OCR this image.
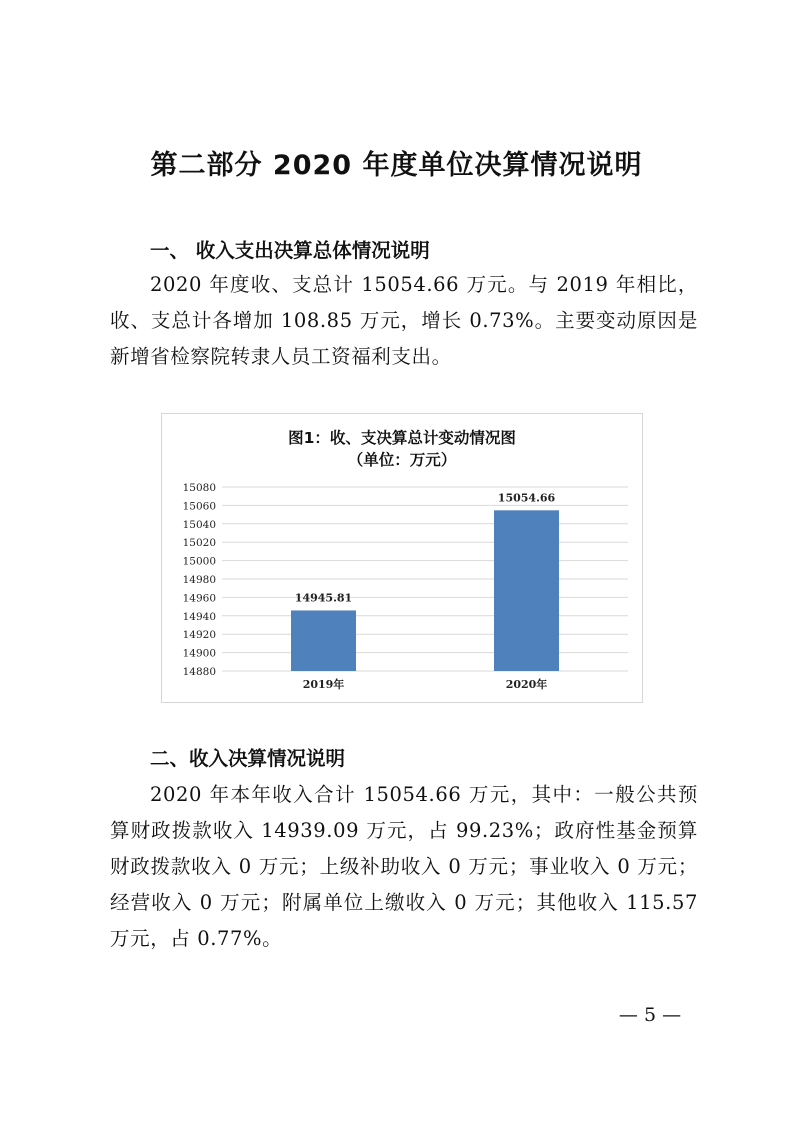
第二部分 2020 年度单位决算情况说明
一、 收入支出决算总体情况说明

2020 年度收、支总计 15054.66 万元。与 2019 年相比，收、支总计各增加 108.85 万元，增长 0.73%。主要变动原因是新增省检察院转隶人员工资福利支出。

图1：收、支决算总计变动情况图
（单位：万元）
14880
14900
14920
14940
14960
14980
15000
15020
15040
15060
15080
14945.81
15054.66
2019年	2020年
二、收入决算情况说明

2020 年本年收入合计 15054.66 万元，其中：一般公共预算财政拨款收入 14939.09 万元，占 99.23%；政府性基金预算财政拨款收入 0 万元；上级补助收入 0 万元；事业收入 0 万元；经营收入 0 万元；附属单位上缴收入 0 万元；其他收入 115.57 万元，占 0.77%。

— 5 —
